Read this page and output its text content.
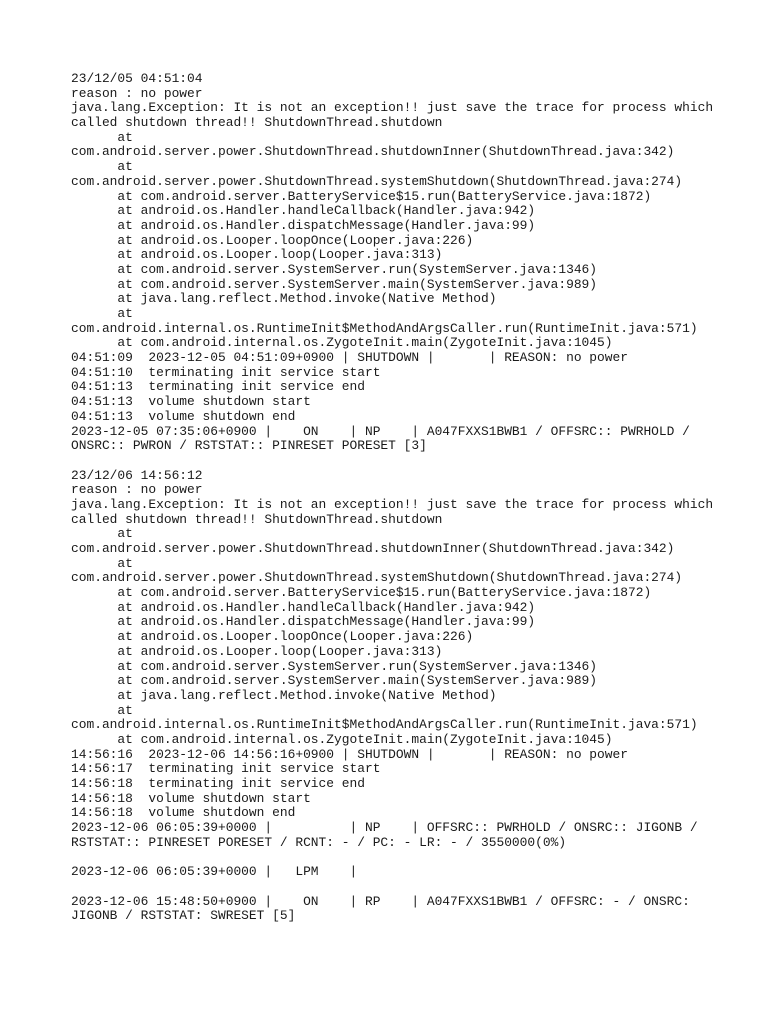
23/12/05 04:51:04
reason : no power
java.lang.Exception: It is not an exception!! just save the trace for process which
called shutdown thread!! ShutdownThread.shutdown
at
com.android.server.power.ShutdownThread.shutdownInner(ShutdownThread.java:342)
at
com.android.server.power.ShutdownThread.systemShutdown(ShutdownThread.java:274)
at com.android.server.BatteryService$15.run(BatteryService.java:1872)
at android.os.Handler.handleCallback(Handler.java:942)
at android.os.Handler.dispatchMessage(Handler.java:99)
at android.os.Looper.loopOnce(Looper.java:226)
at android.os.Looper.loop(Looper.java:313)
at com.android.server.SystemServer.run(SystemServer.java:1346)
at com.android.server.SystemServer.main(SystemServer.java:989)
at java.lang.reflect.Method.invoke(Native Method)
at
com.android.internal.os.RuntimeInit$MethodAndArgsCaller.run(RuntimeInit.java:571)
at com.android.internal.os.ZygoteInit.main(ZygoteInit.java:1045)
04:51:09  2023-12-05 04:51:09+0900 | SHUTDOWN |       | REASON: no power
04:51:10  terminating init service start
04:51:13  terminating init service end
04:51:13  volume shutdown start
04:51:13  volume shutdown end
2023-12-05 07:35:06+0900 |    ON    | NP    | A047FXXS1BWB1 / OFFSRC:: PWRHOLD /
ONSRC:: PWRON / RSTSTAT:: PINRESET PORESET [3]
23/12/06 14:56:12
reason : no power
java.lang.Exception: It is not an exception!! just save the trace for process which
called shutdown thread!! ShutdownThread.shutdown
at
com.android.server.power.ShutdownThread.shutdownInner(ShutdownThread.java:342)
at
com.android.server.power.ShutdownThread.systemShutdown(ShutdownThread.java:274)
at com.android.server.BatteryService$15.run(BatteryService.java:1872)
at android.os.Handler.handleCallback(Handler.java:942)
at android.os.Handler.dispatchMessage(Handler.java:99)
at android.os.Looper.loopOnce(Looper.java:226)
at android.os.Looper.loop(Looper.java:313)
at com.android.server.SystemServer.run(SystemServer.java:1346)
at com.android.server.SystemServer.main(SystemServer.java:989)
at java.lang.reflect.Method.invoke(Native Method)
at
com.android.internal.os.RuntimeInit$MethodAndArgsCaller.run(RuntimeInit.java:571)
at com.android.internal.os.ZygoteInit.main(ZygoteInit.java:1045)
14:56:16  2023-12-06 14:56:16+0900 | SHUTDOWN |       | REASON: no power
14:56:17  terminating init service start
14:56:18  terminating init service end
14:56:18  volume shutdown start
14:56:18  volume shutdown end
2023-12-06 06:05:39+0000 |          | NP    | OFFSRC:: PWRHOLD / ONSRC:: JIGONB /
RSTSTAT:: PINRESET PORESET / RCNT: - / PC: - LR: - / 3550000(0%)
2023-12-06 06:05:39+0000 |   LPM    |
2023-12-06 15:48:50+0900 |    ON    | RP    | A047FXXS1BWB1 / OFFSRC: - / ONSRC:
JIGONB / RSTSTAT: SWRESET [5]
